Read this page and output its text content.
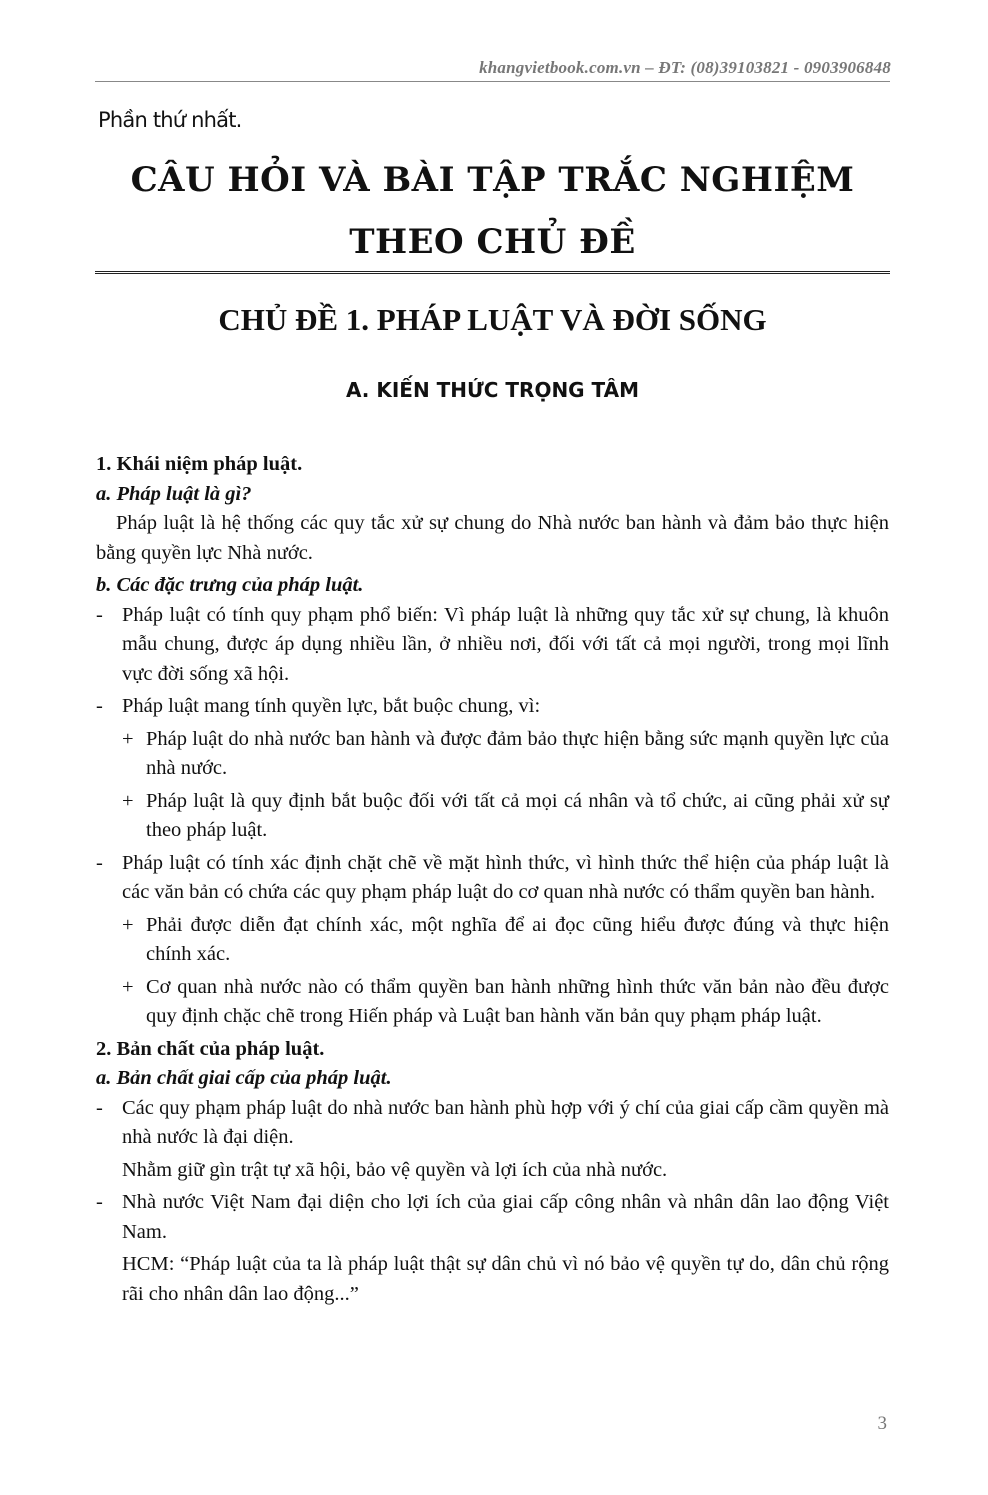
khangvietbook.com.vn – ĐT: (08)39103821 - 0903906848
Phần thứ nhất.
CÂU HỎI VÀ BÀI TẬP TRẮC NGHIỆM
THEO CHỦ ĐỀ
CHỦ ĐỀ 1. PHÁP LUẬT VÀ ĐỜI SỐNG
A. KIẾN THỨC TRỌNG TÂM

1. Khái niệm pháp luật.

a. Pháp luật là gì?

Pháp luật là hệ thống các quy tắc xử sự chung do Nhà nước ban hành và đảm bảo thực hiện bằng quyền lực Nhà nước.

b. Các đặc trưng của pháp luật.

- Pháp luật có tính quy phạm phổ biến: Vì pháp luật là những quy tắc xử sự chung, là khuôn mẫu chung, được áp dụng nhiều lần, ở nhiều nơi, đối với tất cả mọi người, trong mọi lĩnh vực đời sống xã hội.
- Pháp luật mang tính quyền lực, bắt buộc chung, vì:
+ Pháp luật do nhà nước ban hành và được đảm bảo thực hiện bằng sức mạnh quyền lực của nhà nước.
+ Pháp luật là quy định bắt buộc đối với tất cả mọi cá nhân và tổ chức, ai cũng phải xử sự theo pháp luật.
- Pháp luật có tính xác định chặt chẽ về mặt hình thức, vì hình thức thể hiện của pháp luật là các văn bản có chứa các quy phạm pháp luật do cơ quan nhà nước có thẩm quyền ban hành.
+ Phải được diễn đạt chính xác, một nghĩa để ai đọc cũng hiểu được đúng và thực hiện chính xác.
+ Cơ quan nhà nước nào có thẩm quyền ban hành những hình thức văn bản nào đều được quy định chặc chẽ trong Hiến pháp và Luật ban hành văn bản quy phạm pháp luật.

2. Bản chất của pháp luật.

a. Bản chất giai cấp của pháp luật.

- Các quy phạm pháp luật do nhà nước ban hành phù hợp với ý chí của giai cấp cầm quyền mà nhà nước là đại diện.

Nhằm giữ gìn trật tự xã hội, bảo vệ quyền và lợi ích của nhà nước.

- Nhà nước Việt Nam đại diện cho lợi ích của giai cấp công nhân và nhân dân lao động Việt Nam.

HCM: “Pháp luật của ta là pháp luật thật sự dân chủ vì nó bảo vệ quyền tự do, dân chủ rộng rãi cho nhân dân lao động...”

3
